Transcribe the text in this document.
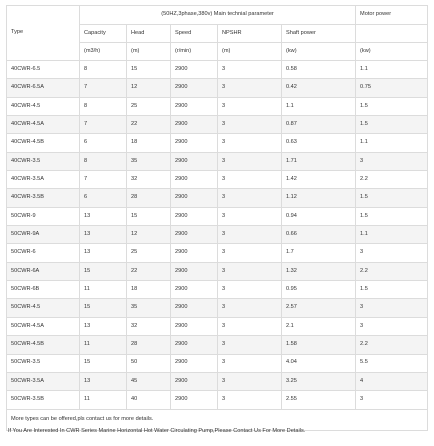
Type	(50HZ,3phase,380v) Main technial parameter					Motor power
	Capacity	Head	Speed	NPSHR	Shaft power	
	(m3/h)	(m)	(r/min)	(m)	(kw)	(kw)
40CWR-6.5	8	15	2900	3	0.58	1.1
40CWR-6.5A	7	12	2900	3	0.42	0.75
40CWR-4.5	8	25	2900	3	1.1	1.5
40CWR-4.5A	7	22	2900	3	0.87	1.5
40CWR-4.5B	6	18	2900	3	0.63	1.1
40CWR-3.5	8	35	2900	3	1.71	3
40CWR-3.5A	7	32	2900	3	1.42	2.2
40CWR-3.5B	6	28	2900	3	1.12	1.5
50CWR-9	13	15	2900	3	0.94	1.5
50CWR-9A	13	12	2900	3	0.66	1.1
50CWR-6	13	25	2900	3	1.7	3
50CWR-6A	15	22	2900	3	1.32	2.2
50CWR-6B	11	18	2900	3	0.95	1.5
50CWR-4.5	15	35	2900	3	2.57	3
50CWR-4.5A	13	32	2900	3	2.1	3
50CWR-4.5B	11	28	2900	3	1.58	2.2
50CWR-3.5	15	50	2900	3	4.04	5.5
50CWR-3.5A	13	45	2900	3	3.25	4
50CWR-3.5B	11	40	2900	3	2.55	3
More types can be offered,pls contact us for more details.						
If You Are Interested In CWR Series Marine Horizontal Hot Water Circulating Pump,Please Contact Us For More Details.
